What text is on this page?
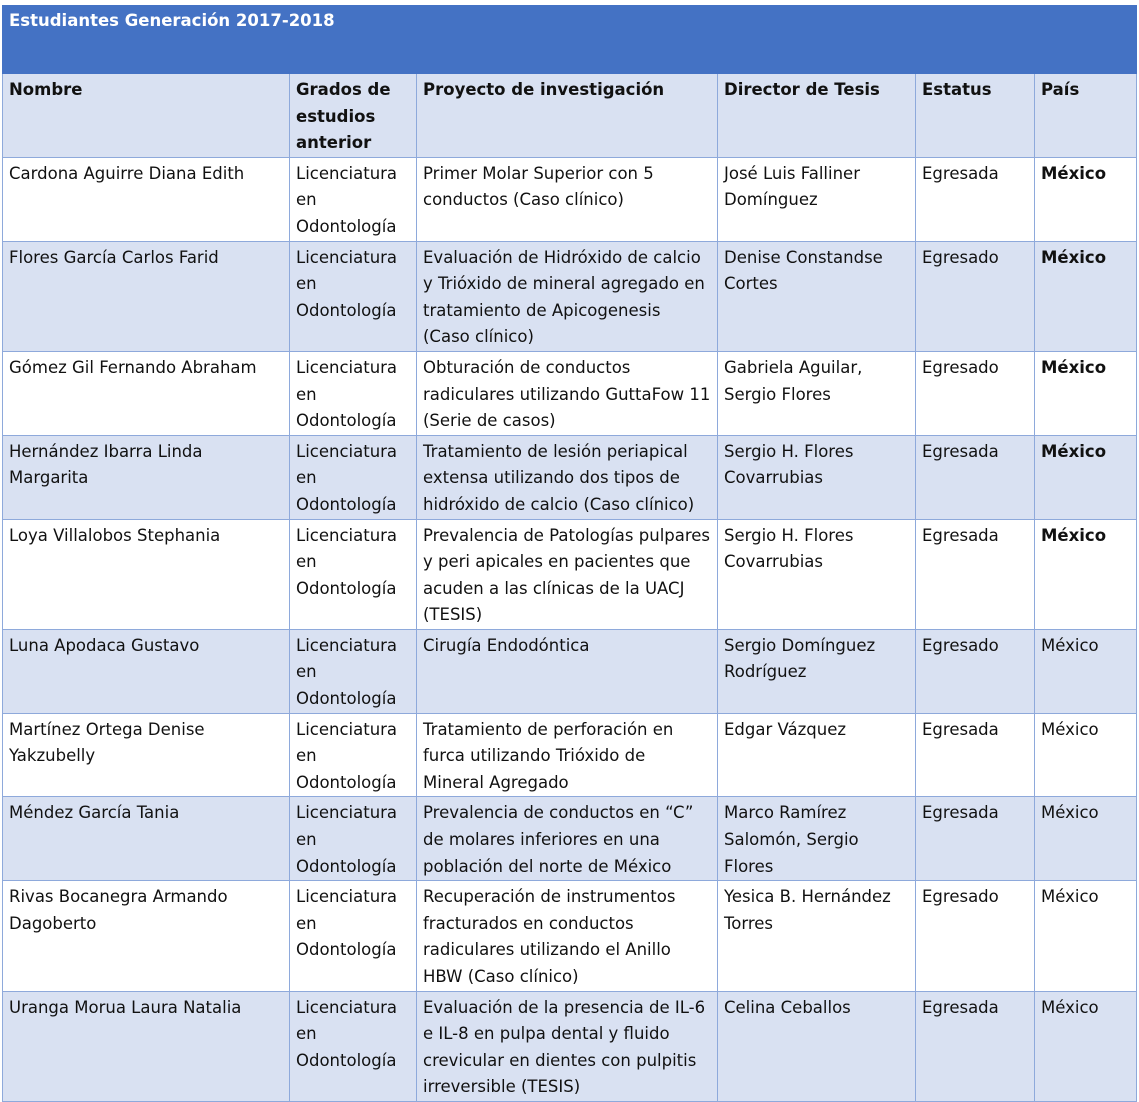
Estudiantes Generación 2017-2018					
Nombre	Grados de estudios anterior	Proyecto de investigación	Director de Tesis	Estatus	País
Cardona Aguirre Diana Edith	Licenciatura en Odontología	Primer Molar Superior con 5 conductos (Caso clínico)	José Luis Falliner Domínguez	Egresada	México
Flores García Carlos Farid	Licenciatura en Odontología	Evaluación de Hidróxido de calcio y Trióxido de mineral agregado en tratamiento de Apicogenesis (Caso clínico)	Denise Constandse Cortes	Egresado	México
Gómez Gil Fernando Abraham	Licenciatura en Odontología	Obturación de conductos radiculares utilizando GuttaFow 11 (Serie de casos)	Gabriela Aguilar, Sergio Flores	Egresado	México
Hernández Ibarra Linda Margarita	Licenciatura en Odontología	Tratamiento de lesión periapical extensa utilizando dos tipos de hidróxido de calcio (Caso clínico)	Sergio H. Flores Covarrubias	Egresada	México
Loya Villalobos Stephania	Licenciatura en Odontología	Prevalencia de Patologías pulpares y peri apicales en pacientes que acuden a las clínicas de la UACJ (TESIS)	Sergio H. Flores Covarrubias	Egresada	México
Luna Apodaca Gustavo	Licenciatura en Odontología	Cirugía Endodóntica	Sergio Domínguez Rodríguez	Egresado	México
Martínez Ortega Denise Yakzubelly	Licenciatura en Odontología	Tratamiento de perforación en furca utilizando Trióxido de Mineral Agregado	Edgar Vázquez	Egresada	México
Méndez García Tania	Licenciatura en Odontología	Prevalencia de conductos en “C” de molares inferiores en una población del norte de México	Marco Ramírez Salomón, Sergio Flores	Egresada	México
Rivas Bocanegra Armando Dagoberto	Licenciatura en Odontología	Recuperación de instrumentos fracturados en conductos radiculares utilizando el Anillo HBW (Caso clínico)	Yesica B. Hernández Torres	Egresado	México
Uranga Morua Laura Natalia	Licenciatura en Odontología	Evaluación de la presencia de IL-6 e IL-8 en pulpa dental y fluido crevicular en dientes con pulpitis irreversible (TESIS)	Celina Ceballos	Egresada	México
